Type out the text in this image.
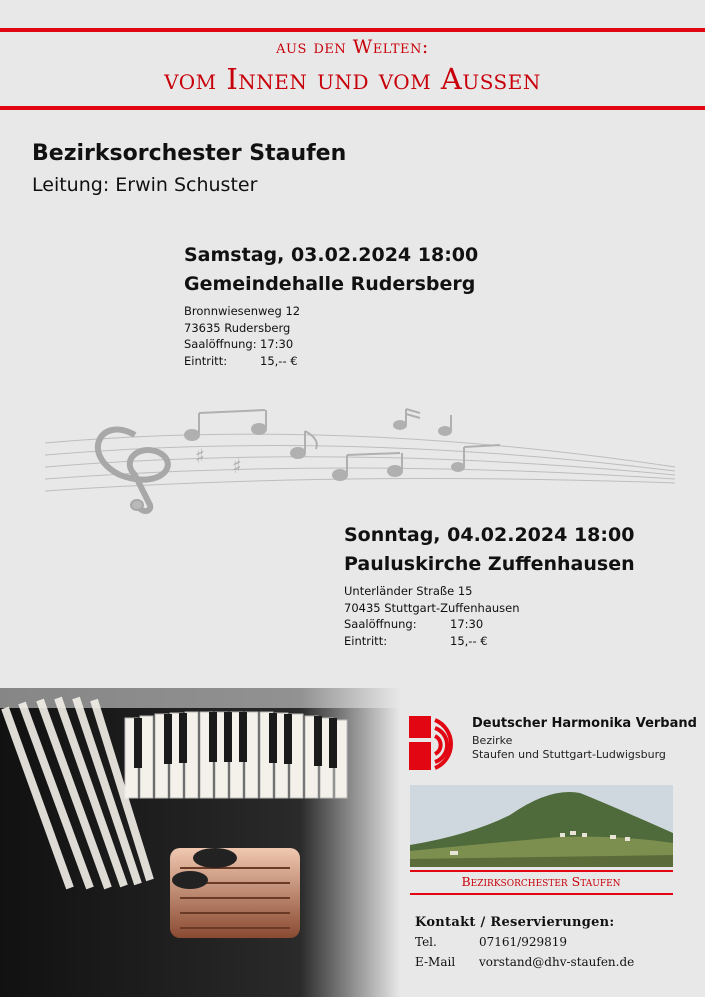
aus den Welten:
vom Innen und vom Aussen
Bezirksorchester Staufen
Leitung: Erwin Schuster
Samstag, 03.02.2024 18:00
Gemeindehalle Rudersberg
Bronnwiesenweg 12
73635 Rudersberg
Saalöffnung: 17:30
Eintritt:	15,-- €
♯ ♯
Sonntag, 04.02.2024 18:00
Pauluskirche Zuffenhausen
Unterländer Straße 15
70435 Stuttgart-Zuffenhausen
Saalöffnung:	17:30
Eintritt:	15,-- €
Deutscher Harmonika Verband
Bezirke
Staufen und Stuttgart-Ludwigsburg
Bezirksorchester Staufen
Kontakt / Reservierungen:
Tel.	07161/929819
E-Mail vorstand@dhv-staufen.de
